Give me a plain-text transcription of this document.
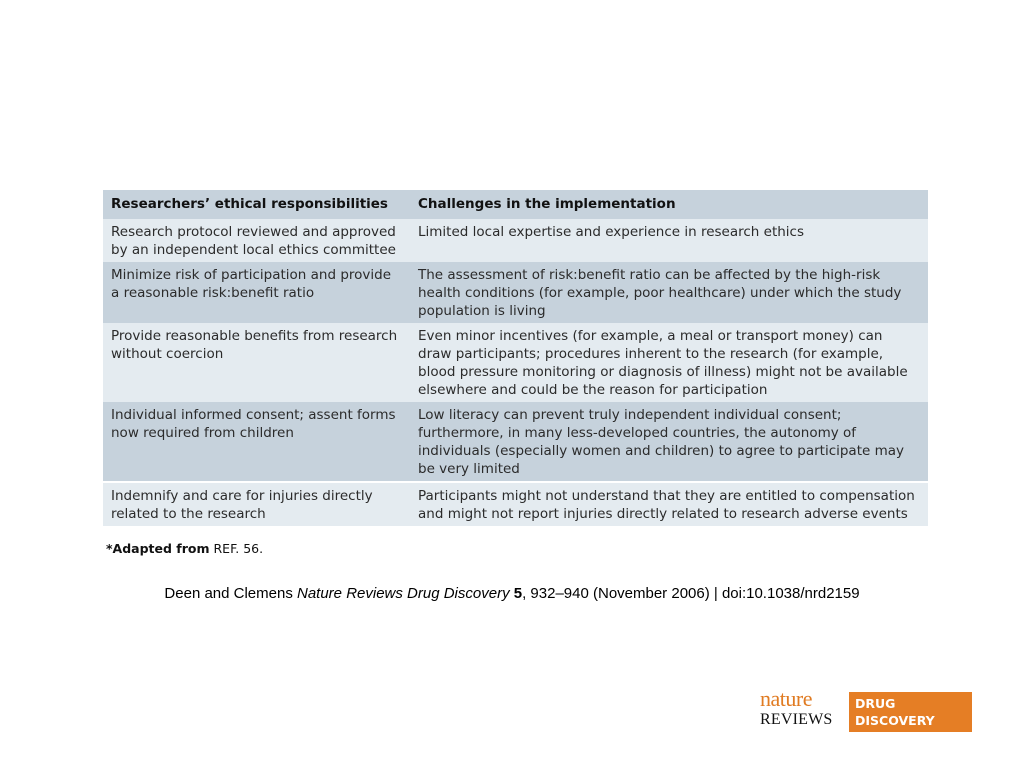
Researchers’ ethical responsibilities	Challenges in the implementation
Research protocol reviewed and approved by an independent local ethics committee	Limited local expertise and experience in research ethics
Minimize risk of participation and provide a reasonable risk:benefit ratio	The assessment of risk:benefit ratio can be affected by the high-risk health conditions (for example, poor healthcare) under which the study population is living
Provide reasonable benefits from research without coercion	Even minor incentives (for example, a meal or transport money) can draw participants; procedures inherent to the research (for example, blood pressure monitoring or diagnosis of illness) might not be available elsewhere and could be the reason for participation
Individual informed consent; assent forms now required from children	Low literacy can prevent truly independent individual consent; furthermore, in many less-developed countries, the autonomy of individuals (especially women and children) to agree to participate may be very limited
Indemnify and care for injuries directly related to the research	Participants might not understand that they are entitled to compensation and might not report injuries directly related to research adverse events
*Adapted from REF. 56.
Deen and Clemens Nature Reviews Drug Discovery 5, 932–940 (November 2006) | doi:10.1038/nrd2159
nature
REVIEWS
DRUG
DISCOVERY
